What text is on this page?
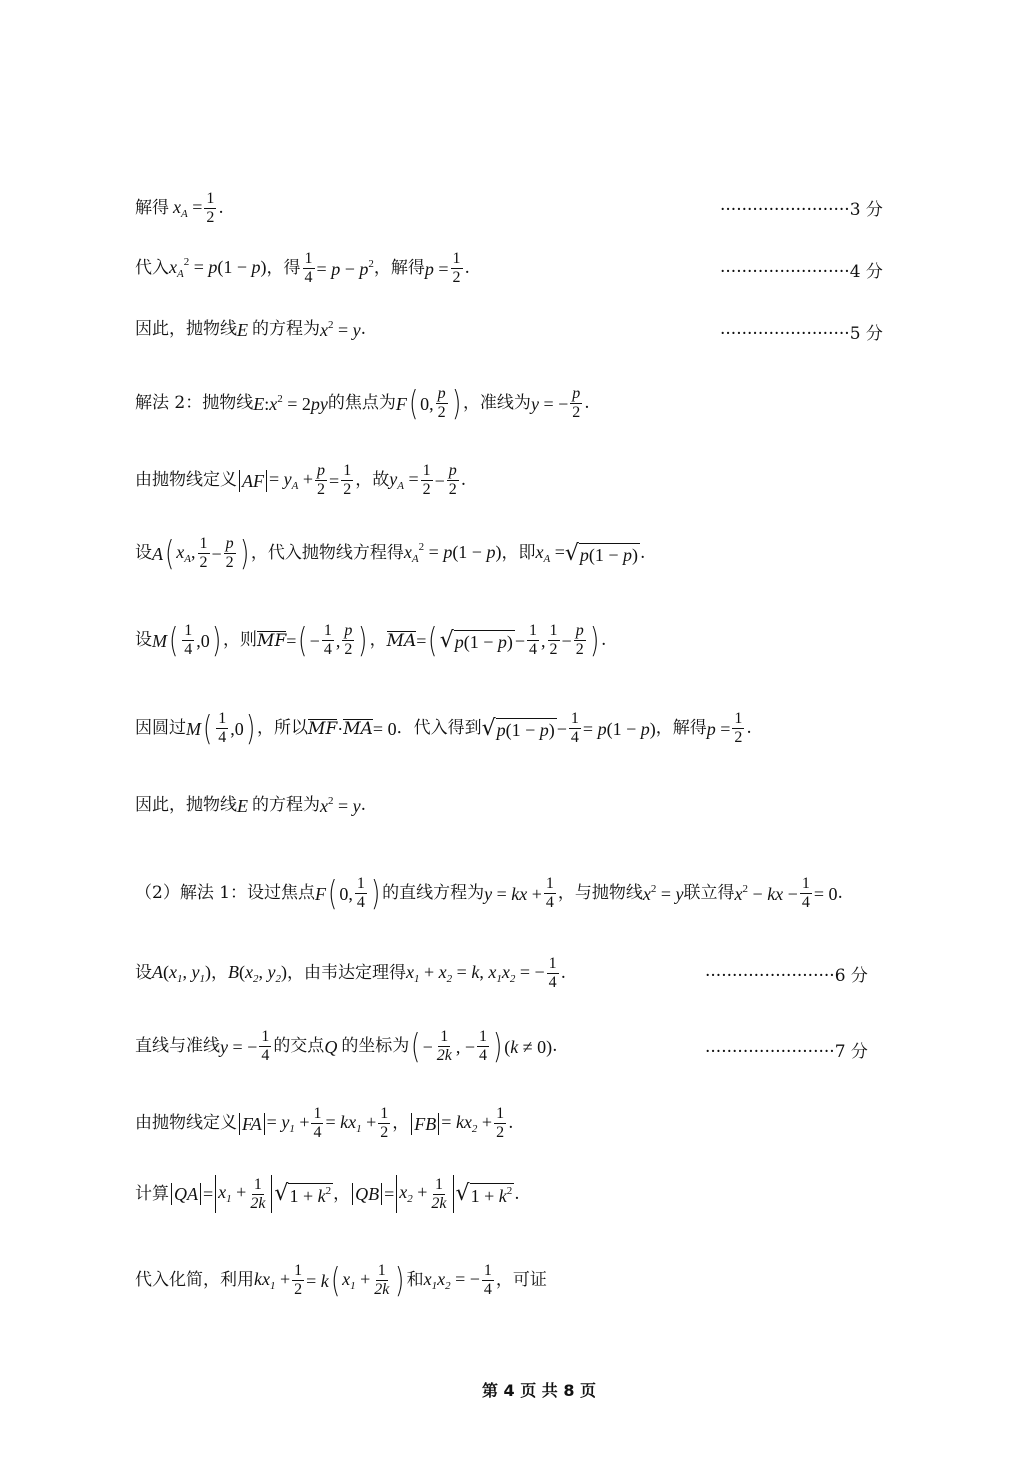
解得 $x_A = \frac{1}{2}$ .	························3 分
代入 $x_A^2 = p(1 - p)$ ，得 $\frac{1}{4} = p - p^2$ ，解得 $p = \frac{1}{2}$ .	························4 分
因此，抛物线 E 的方程为 $x^2 = y$ .	························5 分
解法 2：抛物线 $E:x^2 = 2py$ 的焦点为 F ( 0, $\frac{p}{2}$ ) ，准线为 y = − $\frac{p}{2}$ .
由抛物线定义 AF = $y_A + \frac{p}{2} = \frac{1}{2}$ ，故 $y_A = \frac{1}{2} - \frac{p}{2}$ .
设 A ( $x_A$, $\frac{1}{2} - \frac{p}{2}$ ) ，代入抛物线方程得 $x_A^2 = p(1 - p)$ ，即 $x_A$ = √ p(1 − p) .
设 M ( $\frac{1}{4} ,0$ ) ，则 MF = ( − $\frac{1}{4}$ , $\frac{p}{2}$ ) ， MA = ( √ $p(1 - p) - \frac{1}{4}$ , $\frac{1}{2} - \frac{p}{2}$ ) .
因圆过 M ( $\frac{1}{4} ,0$ ) ，所以 MF · MA = 0 ．代入得到 √ $p(1 - p) - \frac{1}{4} = p(1 - p)$ ，解得 $p = \frac{1}{2}$ .
因此，抛物线 E 的方程为 $x^2 = y$ .
（2）解法 1：设过焦点 F ( 0, $\frac{1}{4}$ ) 的直线方程为 y = kx + $\frac{1}{4}$ ，与抛物线 $x^2 = y$ 联立得 $x^2$ − kx − $\frac{1}{4} = 0$ .
设 $A(x_1$, $y_1$) ， $B(x_2$, $y_2$) ，由韦达定理得 $x_1 + x_2 = k$, $x_1x_2$ = − $\frac{1}{4}$ .	························6 分
直线与准线 y = − $\frac{1}{4}$ 的交点 Q 的坐标为 ( − $\frac{1}{2k}$ , − $\frac{1}{4}$ ) (k ≠ 0) .	························7 分
由抛物线定义 FA = $y_1 + \frac{1}{4} = kx_1 + \frac{1}{2}$ ， FB = $kx_2 + \frac{1}{2}$ .
计算 QA = $x_1 + \frac{1}{2k}$ √ $1 + k^2$ ， QB = $x_2 + \frac{1}{2k}$ √ $1 + k^2$ .
代入化简，利用 $kx_1 + \frac{1}{2} = k$ ( $x_1 + \frac{1}{2k}$ ) 和 $x_1x_2$ = − $\frac{1}{4}$ ，可证
第 4 页 共 8 页
